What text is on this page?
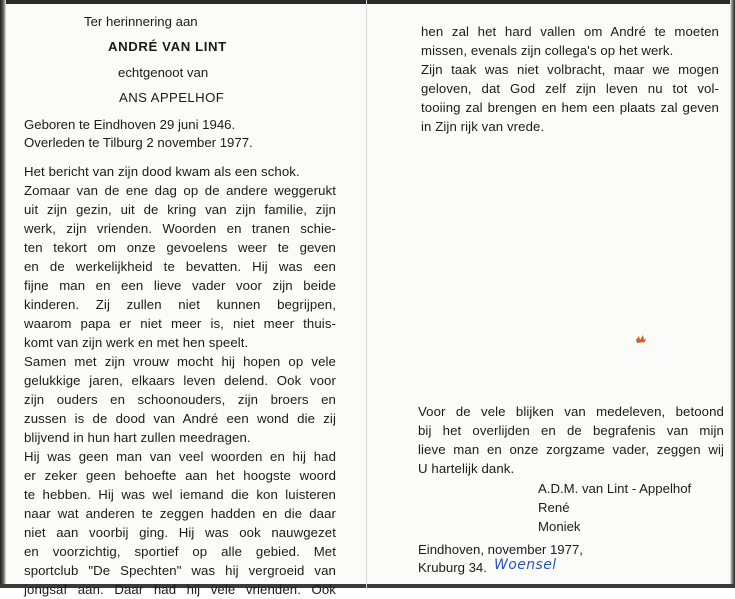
Ter herinnering aan
ANDRÉ VAN LINT
echtgenoot van
ANS APPELHOF
Geboren te Eindhoven 29 juni 1946.
Overleden te Tilburg 2 november 1977.
Het bericht van zijn dood kwam als een schok.
Zomaar van de ene dag op de andere weggerukt
uit zijn gezin, uit de kring van zijn familie, zijn
werk, zijn vrienden. Woorden en tranen schie-
ten tekort om onze gevoelens weer te geven
en de werkelijkheid te bevatten. Hij was een
fijne man en een lieve vader voor zijn beide
kinderen. Zij zullen niet kunnen begrijpen,
waarom papa er niet meer is, niet meer thuis-
komt van zijn werk en met hen speelt.
Samen met zijn vrouw mocht hij hopen op vele
gelukkige jaren, elkaars leven delend. Ook voor
zijn ouders en schoonouders, zijn broers en
zussen is de dood van André een wond die zij
blijvend in hun hart zullen meedragen.
Hij was geen man van veel woorden en hij had
er zeker geen behoefte aan het hoogste woord
te hebben. Hij was wel iemand die kon luisteren
naar wat anderen te zeggen hadden en die daar
niet aan voorbij ging. Hij was ook nauwgezet
en voorzichtig, sportief op alle gebied. Met
sportclub "De Spechten" was hij vergroeid van
jongsaf aan. Daar had hij vele vrienden. Ook
hen zal het hard vallen om André te moeten
missen, evenals zijn collega's op het werk.
Zijn taak was niet volbracht, maar we mogen
geloven, dat God zelf zijn leven nu tot vol-
tooiing zal brengen en hem een plaats zal geven
in Zijn rijk van vrede.
Voor de vele blijken van medeleven, betoond
bij het overlijden en de begrafenis van mijn
lieve man en onze zorgzame vader, zeggen wij
U hartelijk dank.
A.D.M. van Lint - Appelhof
René
Moniek
Eindhoven, november 1977,
Kruburg 34. Woensel
